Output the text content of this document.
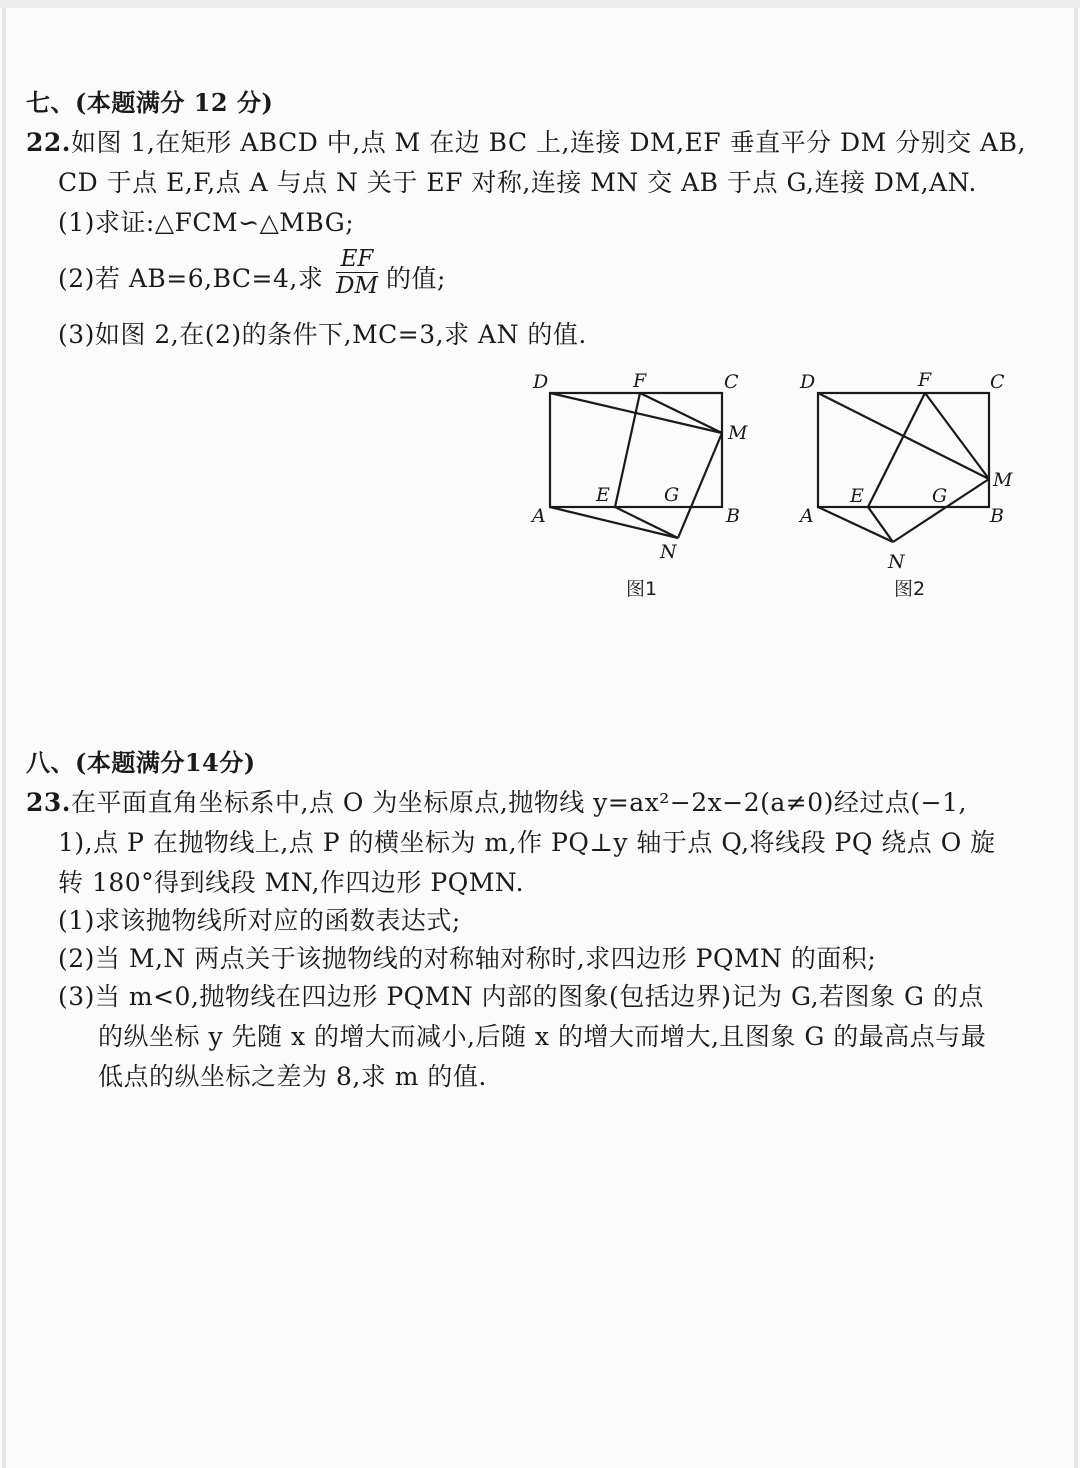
七、(本题满分 12 分)
22.如图 1,在矩形 ABCD 中,点 M 在边 BC 上,连接 DM,EF 垂直平分 DM 分别交 AB,
CD 于点 E,F,点 A 与点 N 关于 EF 对称,连接 MN 交 AB 于点 G,连接 DM,AN.
(1)求证:△FCM∽△MBG;
(2)若 AB=6,BC=4,求 $\frac{EF}{DM}$ 的值;
(3)如图 2,在(2)的条件下,MC=3,求 AN 的值.
D	F	C
M
E	G
A	B
N
图1
D	F	C
M
E	G
A	B
N
图2
八、(本题满分14分)
23.在平面直角坐标系中,点 O 为坐标原点,抛物线 y=ax²−2x−2(a≠0)经过点(−1,
1),点 P 在抛物线上,点 P 的横坐标为 m,作 PQ⊥y 轴于点 Q,将线段 PQ 绕点 O 旋
转 180°得到线段 MN,作四边形 PQMN.
(1)求该抛物线所对应的函数表达式;
(2)当 M,N 两点关于该抛物线的对称轴对称时,求四边形 PQMN 的面积;
(3)当 m<0,抛物线在四边形 PQMN 内部的图象(包括边界)记为 G,若图象 G 的点
的纵坐标 y 先随 x 的增大而减小,后随 x 的增大而增大,且图象 G 的最高点与最
低点的纵坐标之差为 8,求 m 的值.
